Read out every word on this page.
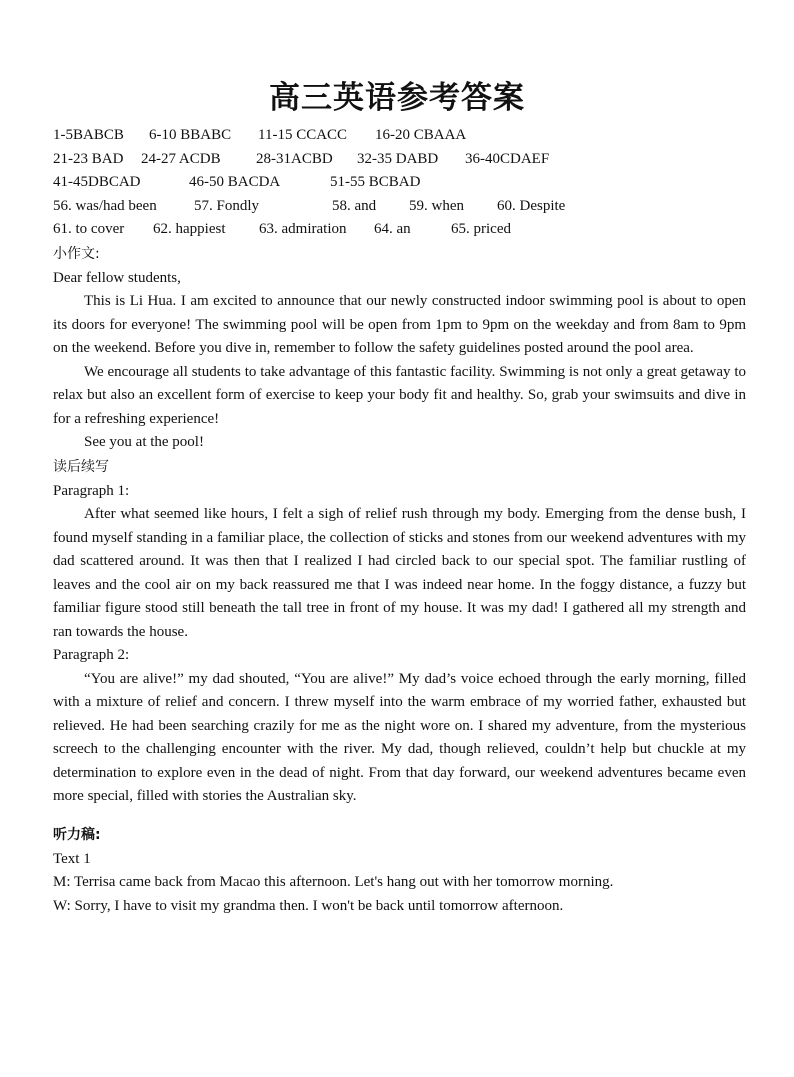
高三英语参考答案
1-5BABCB 6-10 BBABC 11-15 CCACC 16-20 CBAAA
21-23 BAD 24-27 ACDB 28-31ACBD 32-35 DABD 36-40CDAEF
41-45DBCAD	46-50 BACDA	51-55 BCBAD
56. was/had been 57. Fondly	58. and 59. when 60. Despite
61. to cover 62. happiest 63. admiration 64. an	65. priced
小作文:
Dear fellow students,

This is Li Hua. I am excited to announce that our newly constructed indoor swimming pool is about to open its doors for everyone! The swimming pool will be open from 1pm to 9pm on the weekday and from 8am to 9pm on the weekend. Before you dive in, remember to follow the safety guidelines posted around the pool area.

We encourage all students to take advantage of this fantastic facility. Swimming is not only a great getaway to relax but also an excellent form of exercise to keep your body fit and healthy. So, grab your swimsuits and dive in for a refreshing experience!

See you at the pool!

读后续写
Paragraph 1:

After what seemed like hours, I felt a sigh of relief rush through my body. Emerging from the dense bush, I found myself standing in a familiar place, the collection of sticks and stones from our weekend adventures with my dad scattered around. It was then that I realized I had circled back to our special spot. The familiar rustling of leaves and the cool air on my back reassured me that I was indeed near home. In the foggy distance, a fuzzy but familiar figure stood still beneath the tall tree in front of my house. It was my dad! I gathered all my strength and ran towards the house.

Paragraph 2:

“You are alive!” my dad shouted, “You are alive!” My dad’s voice echoed through the early morning, filled with a mixture of relief and concern. I threw myself into the warm embrace of my worried father, exhausted but relieved. He had been searching crazily for me as the night wore on. I shared my adventure, from the mysterious screech to the challenging encounter with the river. My dad, though relieved, couldn’t help but chuckle at my determination to explore even in the dead of night. From that day forward, our weekend adventures became even more special, filled with stories the Australian sky.

听力稿:
Text 1
M: Terrisa came back from Macao this afternoon. Let's hang out with her tomorrow morning.
W: Sorry, I have to visit my grandma then. I won't be back until tomorrow afternoon.
